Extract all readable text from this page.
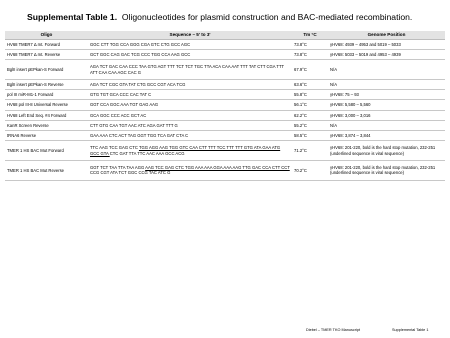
Supplemental Table 1. Oligonucleotides for plasmid construction and BAC-mediated recombination.
Oligo	Sequence – 5' to 3'	Tm °C	Genome Position
HV68 TMER7 Δ mt. Forward	GGC CTT TGG CCA GGG CGA GTC CTG GCC AGC	73.8°C	γHV68: 4939 – 4953 and 5019 – 5033
HV68 TMER7 Δ mt. Reverse	GCT GGC CAG GAC TCG CCC TGG CCA AAG GCC	73.8°C	γHV68: 5033 – 5019 and 4953 – 4939
BglII insert pEPkan-S Forward	AGA TCT GAC CAA CCC TAA GTG AGT TTT TCT TCT TGC TTA ACA CAA AAT TTT TAT CTT CGA TTT ATT CAA CAA AGC CAC G	67.9°C	N/A
BglII insert pEPkan-S Reverse	AGA TCT CGC GTA TAT CTG GCC CGT ACA TCG	63.6°C	N/A
pol III miR-M1-1 Forward	GTG TGT GCA CCC CAC TAT C	55.8°C	γHV68: 75 – 93
HV68 pol III-8 Universal Reverse	GGT CCA GGC AAA TGT GAG AAG	56.1°C	γHV68: 5,580 – 5,560
HV68 Left End Seq. #4 Forward	GCA GGC CCC ACC GCT AC	62.2°C	γHV68: 3,000 – 3,016
KanR Screen Reverse	CTT GTG CAA TGT AAC ATC AGA GAT TTT G	55.2°C	N/A
tRNA6 Reverse	GAA AAA CTC ACT TAG GGT TGG TCA GAT CTA C	58.5°C	γHV68: 3,874 – 3,844
TMER 1 HS BAC Mut Forward	TTC AAG TCC GAG CTC TGG AGG AAG TGG GTC CAA CTT TTT TCC TTT TTT GTG ATA GAA ATG GCC GTA CTC GAT TTA TTC AAC AAA GCC ACG	71.2°C	γHV68: 201-220, bold is the hard stop mutation, 232-251 (underlined sequence is viral sequence)
TMER 1 HS BAC Mut Reverse	GGT TCT TAA TTA TAA AGG AAG TCC GAG CTC TGG AAA AAA GGA AAA AAG TTG GAC CCA CTT CCT CCG CGT ATA TCT GGC CCG TAC ATC G	70.2°C	γHV68: 201-220, bold is the hard stop mutation, 232-251 (underlined sequence is viral sequence)
Diebel – TMER TKO Manuscript	Supplemental Table 1
